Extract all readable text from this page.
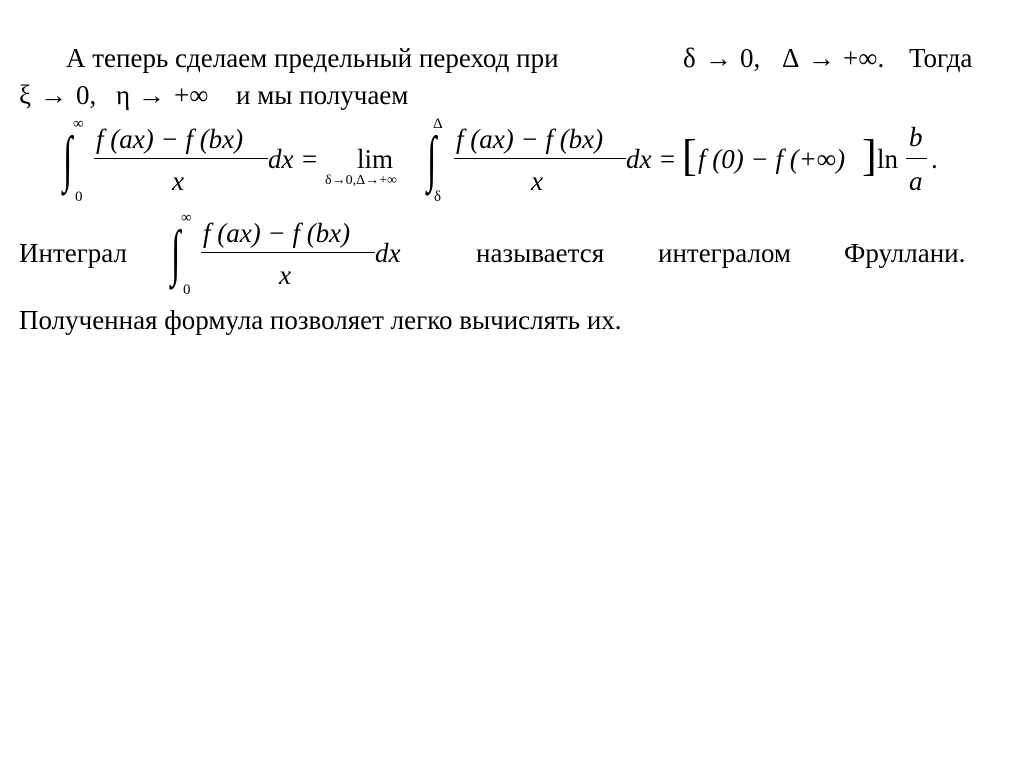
А теперь сделаем предельный переход при	δ → 0, Δ → +∞. Тогда
ξ → 0, η → +∞ и мы получаем
∞
∫
0
f (ax) − f (bx)
x
dx = lim
δ→0,Δ→+∞
Δ
∫
δ
f (ax) − f (bx)
x
dx = [ f (0) − f (+∞) ] ln
b
a
.
Интеграл
∞
∫
0
f (ax) − f (bx)
x
dx	называется интегралом Фруллани.
Полученная формула позволяет легко вычислять их.
